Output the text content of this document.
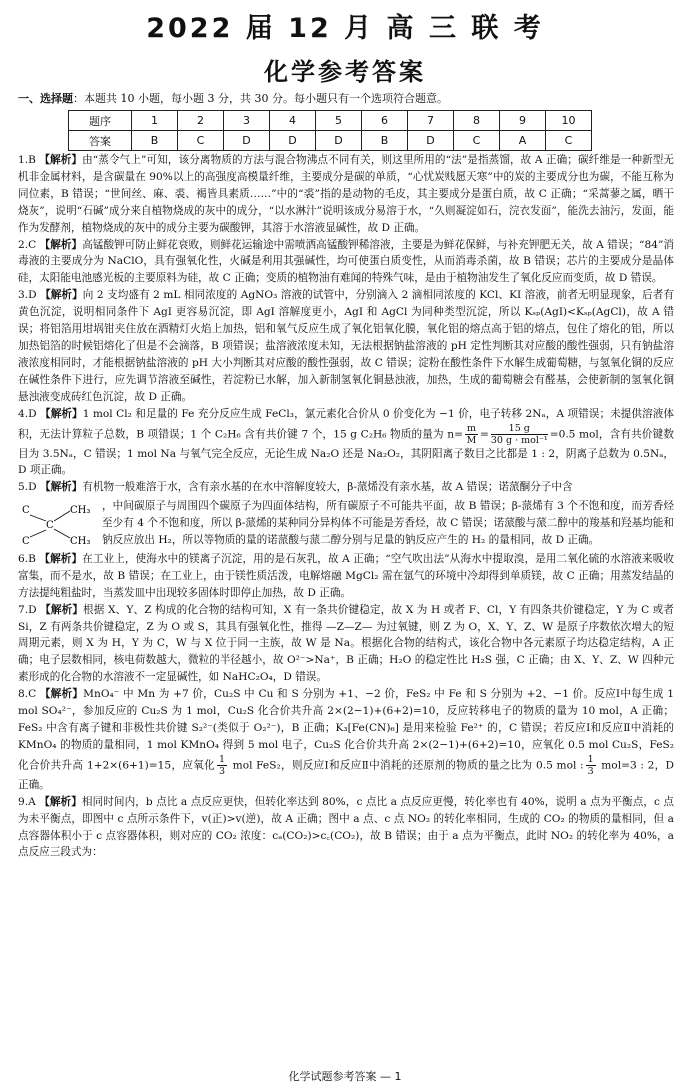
2022 届 12 月 高 三 联 考
化学参考答案
一、选择题：本题共 10 小题，每小题 3 分，共 30 分。每小题只有一个选项符合题意。
题序	1	2	3	4	5	6	7	8	9	10
答案	B	C	D	D	D	B	D	C	A	C

1.B 【解析】由“蒸令气上”可知，该分离物质的方法与混合物沸点不同有关，则这里所用的“法”是指蒸馏，故 A 正确；碳纤维是一种新型无机非金属材料，是含碳量在 90%以上的高强度高模量纤维，主要成分是碳的单质，“心忧炭贱愿天寒”中的炭的主要成分也为碳，不能互称为同位素，B 错误；“世间丝、麻、裘、褐皆具素质……”中的“裘”指的是动物的毛皮，其主要成分是蛋白质，故 C 正确；“采蒿蓼之属，晒干烧灰”，说明“石碱”成分来自植物烧成的灰中的成分，“以水淋汁”说明该成分易溶于水，“久则凝淀如石，浣衣发面”，能洗去油污，发面，能作为发酵剂，植物烧成的灰中的成分主要为碳酸钾，其溶于水溶液显碱性，故 D 正确。

2.C 【解析】高锰酸钾可防止鲜花衰败，则鲜花运输途中需喷洒高锰酸钾稀溶液，主要是为鲜花保鲜，与补充钾肥无关，故 A 错误；“84”消毒液的主要成分为 NaClO，具有强氧化性，火碱是利用其强碱性，均可使蛋白质变性，从而消毒杀菌，故 B 错误；芯片的主要成分是晶体硅，太阳能电池感光板的主要原料为硅，故 C 正确；变质的植物油有难闻的特殊气味，是由于植物油发生了氧化反应而变质，故 D 错误。

3.D 【解析】向 2 支均盛有 2 mL 相同浓度的 AgNO₃ 溶液的试管中，分别滴入 2 滴相同浓度的 KCl、KI 溶液，前者无明显现象，后者有黄色沉淀，说明相同条件下 AgI 更容易沉淀，即 AgI 溶解度更小，AgI 和 AgCl 为同种类型沉淀，所以 Kₛₚ(AgI)<Kₛₚ(AgCl)，故 A 错误；将铝箔用坩埚钳夹住放在酒精灯火焰上加热，铝和氧气反应生成了氧化铝氧化膜，氧化铝的熔点高于铝的熔点，包住了熔化的铝，所以加热铝箔的时候铝熔化了但是不会滴落，B 项错误；盐溶液浓度未知，无法根据钠盐溶液的 pH 定性判断其对应酸的酸性强弱，只有钠盐溶液浓度相同时，才能根据钠盐溶液的 pH 大小判断其对应酸的酸性强弱，故 C 错误；淀粉在酸性条件下水解生成葡萄糖，与氢氧化铜的反应在碱性条件下进行，应先调节溶液至碱性，若淀粉已水解，加入新制氢氧化铜悬浊液，加热，生成的葡萄糖会有醛基，会使新制的氢氧化铜悬浊液变成砖红色沉淀，故 D 正确。

4.D 【解析】1 mol Cl₂ 和足量的 Fe 充分反应生成 FeCl₃，氯元素化合价从 0 价变化为 −1 价，电子转移 2Nₐ，A 项错误；未提供溶液体积，无法计算粒子总数，B 项错误；1 个 C₂H₆ 含有共价键 7 个，15 g C₂H₆ 物质的量为 $n= \frac{m}{M} = \frac{15 g}{\text{30 g · mol⁻¹}} =0.5$ mol，含有共价键数目为 3.5Nₐ，C 错误；1 mol Na 与氧气完全反应，无论生成 Na₂O 还是 Na₂O₂，其阴阳离子数目之比都是 1 : 2，阴离子总数为 0.5Nₐ，D 项正确。

5.D 【解析】有机物一般难溶于水，含有亲水基的在水中溶解度较大，β-蒎烯没有亲水基，故 A 错误；诺蒎酮分子中含
C	CH₃
C
C	CH₃
，中间碳原子与周围四个碳原子为四面体结构，所有碳原子不可能共平面，故 B 错误；β-蒎烯有 3 个不饱和度，而芳香烃至少有 4 个不饱和度，所以 β-蒎烯的某种同分异构体不可能是芳香烃，故 C 错误；诺蒎酸与蒎二醇中的羧基和羟基均能和钠反应放出 H₂，所以等物质的量的诺蒎酸与蒎二醇分别与足量的钠反应产生的 H₂ 的量相同，故 D 正确。

6.B 【解析】在工业上，使海水中的镁离子沉淀，用的是石灰乳，故 A 正确；“空气吹出法”从海水中提取溴，是用二氧化硫的水溶液来吸收富集，而不是水，故 B 错误；在工业上，由于镁性质活泼，电解熔融 MgCl₂ 需在氩气的环境中冷却得到单质镁，故 C 正确；用蒸发结晶的方法提纯粗盐时，当蒸发皿中出现较多固体时即停止加热，故 D 正确。

7.D 【解析】根据 X、Y、Z 构成的化合物的结构可知，X 有一条共价键稳定，故 X 为 H 或者 F、Cl，Y 有四条共价键稳定，Y 为 C 或者 Si，Z 有两条共价键稳定，Z 为 O 或 S，其具有强氧化性，推得 —Z—Z— 为过氧键，则 Z 为 O，X、Y、Z、W 是原子序数依次增大的短周期元素，则 X 为 H，Y 为 C，W 与 X 位于同一主族，故 W 是 Na。根据化合物的结构式，该化合物中各元素原子均达稳定结构，A 正确；电子层数相同，核电荷数越大，微粒的半径越小，故 O²⁻>Na⁺，B 正确；H₂O 的稳定性比 H₂S 强，C 正确；由 X、Y、Z、W 四种元素形成的化合物的水溶液不一定显碱性，如 NaHC₂O₄，D 错误。

8.C 【解析】MnO₄⁻ 中 Mn 为 +7 价，Cu₂S 中 Cu 和 S 分别为 +1、−2 价，FeS₂ 中 Fe 和 S 分别为 +2、−1 价。反应Ⅰ中每生成 1 mol SO₄²⁻，参加反应的 Cu₂S 为 1 mol，Cu₂S 化合价共升高 2×(2−1)+(6+2)=10，反应转移电子的物质的量为 10 mol，A 正确；FeS₂ 中含有离子键和非极性共价键 S₂²⁻(类似于 O₂²⁻)，B 正确；K₃[Fe(CN)₆] 是用来检验 Fe²⁺ 的，C 错误；若反应Ⅰ和反应Ⅱ中消耗的 KMnO₄ 的物质的量相同，1 mol KMnO₄ 得到 5 mol 电子，Cu₂S 化合价共升高 2×(2−1)+(6+2)=10，应氧化 0.5 mol Cu₂S，FeS₂ 化合价共升高 1+2×(6+1)=15，应氧化 $\frac{1}{3}$ mol FeS₂，则反应Ⅰ和反应Ⅱ中消耗的还原剂的物质的量之比为 0.5 mol : $\frac{1}{3} mol=3$ : 2，D 正确。

9.A 【解析】相同时间内，b 点比 a 点反应更快，但转化率达到 80%，c 点比 a 点反应更慢，转化率也有 40%，说明 a 点为平衡点，c 点为未平衡点，即图中 c 点所示条件下，v(正)>v(逆)，故 A 正确；图中 a 点、c 点 NO₂ 的转化率相同，生成的 CO₂ 的物质的量相同，但 a 点容器体积小于 c 点容器体积，则对应的 CO₂ 浓度：cₐ(CO₂)>c꜀(CO₂)，故 B 错误；由于 a 点为平衡点，此时 NO₂ 的转化率为 40%，a 点反应三段式为：

化学试题参考答案 — 1
